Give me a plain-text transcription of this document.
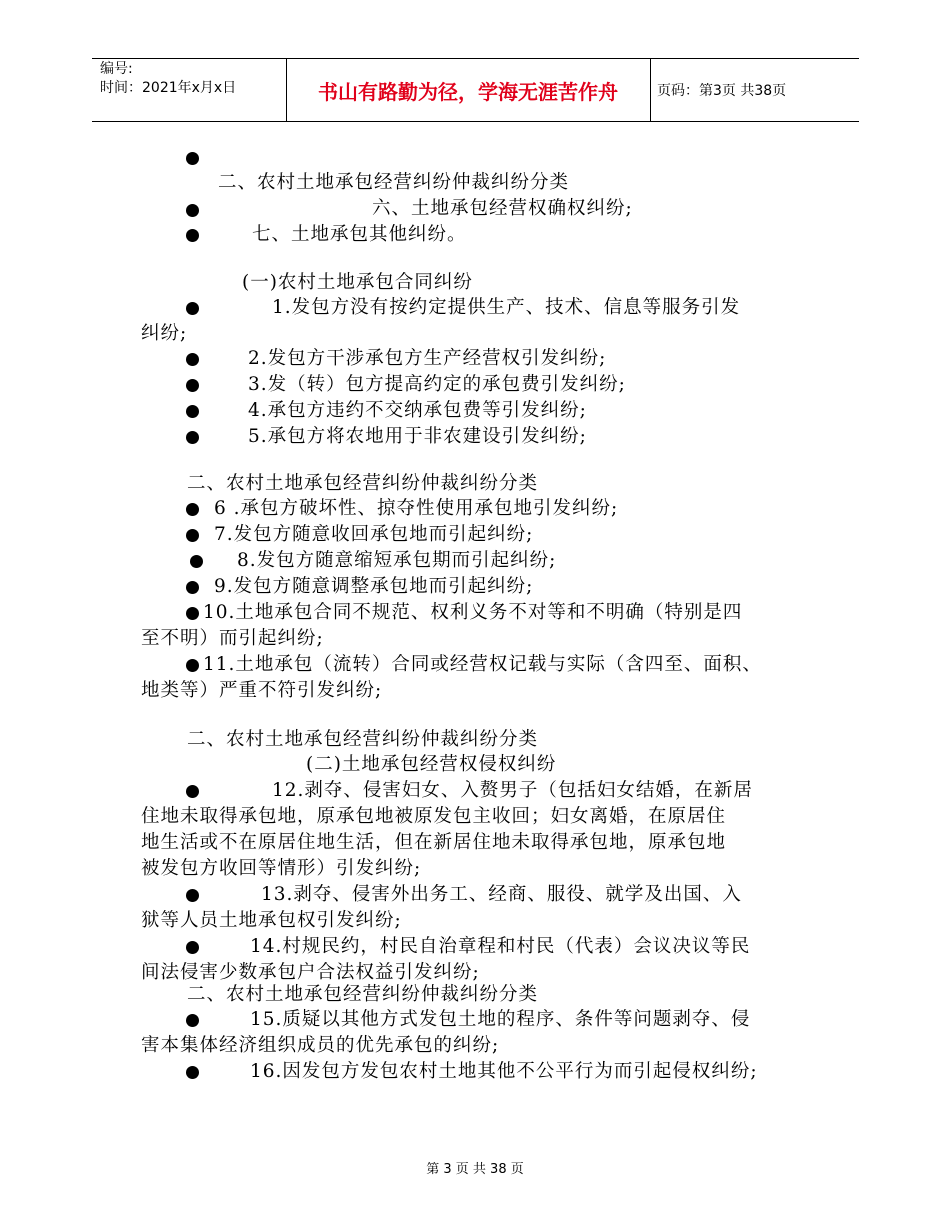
编号:
时间：2021年x月x日	书山有路勤为径，学海无涯苦作舟	页码：第3页 共38页
二、农村土地承包经营纠纷仲裁纠纷分类
六、土地承包经营权确权纠纷;
七、土地承包其他纠纷。
(一)农村土地承包合同纠纷
1.发包方没有按约定提供生产、技术、信息等服务引发
纠纷;
2.发包方干涉承包方生产经营权引发纠纷;
3.发（转）包方提高约定的承包费引发纠纷;
4.承包方违约不交纳承包费等引发纠纷;
5.承包方将农地用于非农建设引发纠纷;
二、农村土地承包经营纠纷仲裁纠纷分类
6 .承包方破坏性、掠夺性使用承包地引发纠纷;
7.发包方随意收回承包地而引起纠纷;
8.发包方随意缩短承包期而引起纠纷;
9.发包方随意调整承包地而引起纠纷;
10.土地承包合同不规范、权利义务不对等和不明确（特别是四
至不明）而引起纠纷;
11.土地承包（流转）合同或经营权记载与实际（含四至、面积、
地类等）严重不符引发纠纷;
二、农村土地承包经营纠纷仲裁纠纷分类
(二)土地承包经营权侵权纠纷
12.剥夺、侵害妇女、入赘男子（包括妇女结婚，在新居
住地未取得承包地，原承包地被原发包主收回；妇女离婚，在原居住
地生活或不在原居住地生活，但在新居住地未取得承包地，原承包地
被发包方收回等情形）引发纠纷;
13.剥夺、侵害外出务工、经商、服役、就学及出国、入
狱等人员土地承包权引发纠纷;
14.村规民约，村民自治章程和村民（代表）会议决议等民
间法侵害少数承包户合法权益引发纠纷;
二、农村土地承包经营纠纷仲裁纠纷分类
15.质疑以其他方式发包土地的程序、条件等问题剥夺、侵
害本集体经济组织成员的优先承包的纠纷;
16.因发包方发包农村土地其他不公平行为而引起侵权纠纷;
第 3 页 共 38 页
